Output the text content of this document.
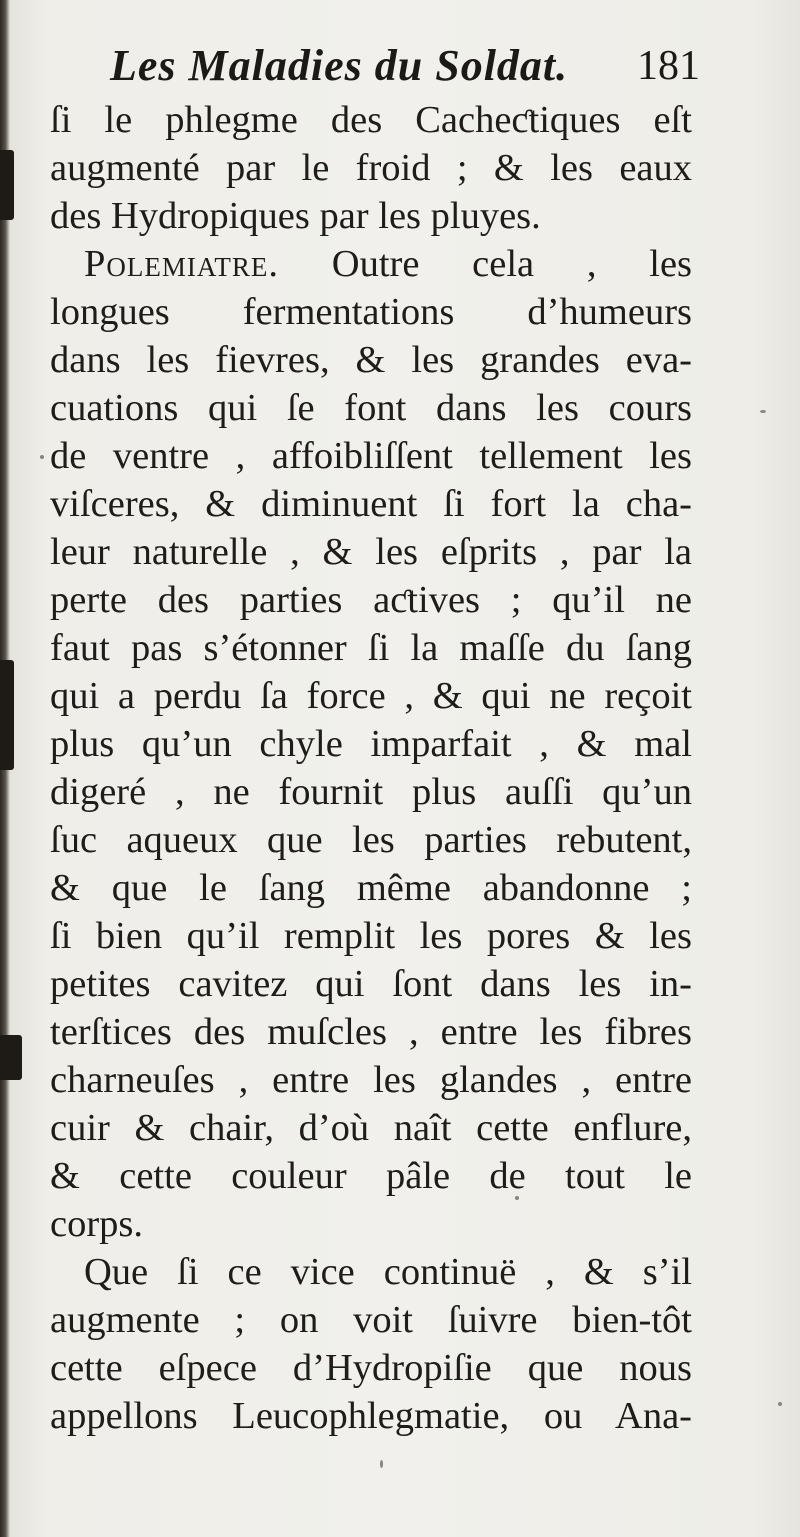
Les Maladies du Soldat. 181
ſi le phlegme des Cacheƈtiques eſt
augmenté par le froid ; & les eaux
des Hydropiques par les pluyes.
Polemiatre. Outre cela , les
longues fermentations d’humeurs
dans les fievres, & les grandes eva-
cuations qui ſe font dans les cours
de ventre , affoibliſſent tellement les
viſceres, & diminuent ſi fort la cha-
leur naturelle , & les eſprits , par la
perte des parties aƈtives ; qu’il ne
faut pas s’étonner ſi la maſſe du ſang
qui a perdu ſa force , & qui ne reçoit
plus qu’un chyle imparfait , & mal
digeré , ne fournit plus auſſi qu’un
ſuc aqueux que les parties rebutent,
& que le ſang même abandonne ;
ſi bien qu’il remplit les pores & les
petites cavitez qui ſont dans les in-
terſtices des muſcles , entre les fibres
charneuſes , entre les glandes , entre
cuir & chair, d’où naît cette enflure,
& cette couleur pâle de tout le
corps.
Que ſi ce vice continuë , & s’il
augmente ; on voit ſuivre bien-tôt
cette eſpece d’Hydropiſie que nous
appellons Leucophlegmatie, ou Ana-
